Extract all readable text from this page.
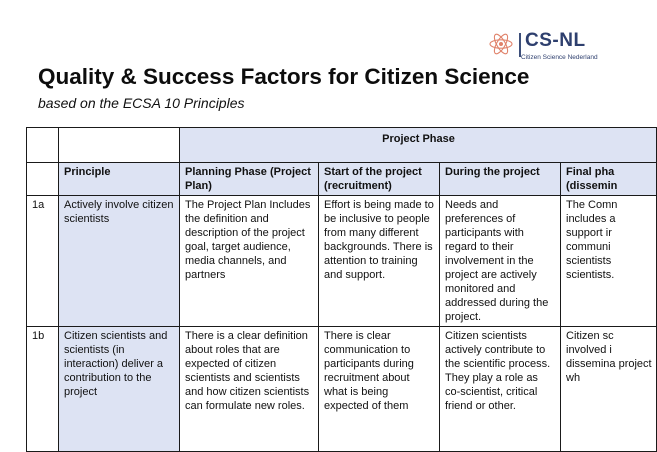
CS-NL
Citizen Science Nederland
Quality & Success Factors for Citizen Science
based on the ECSA 10 Principles
		Project Phase			
	Principle	Planning Phase (Project Plan)	Start of the project (recruitment)	During the project	Final pha (dissemin
1a	Actively involve citizen scientists	The Project Plan Includes the definition and description of the project goal, target audience, media channels, and partners	Effort is being made to be inclusive to people from many different backgrounds. There is attention to training and support.	Needs and preferences of participants with regard to their involvement in the project are actively monitored and addressed during the project.	The Comn includes a support ir communi scientists scientists.
1b	Citizen scientists and scientists (in interaction) deliver a contribution to the project	There is a clear definition about roles that are expected of citizen scientists and scientists and how citizen scientists can formulate new roles.	There is clear communication to participants during recruitment about what is being expected of them	Citizen scientists actively contribute to the scientific process. They play a role as co-scientist, critical friend or other.	Citizen sc involved i dissemina project wh
